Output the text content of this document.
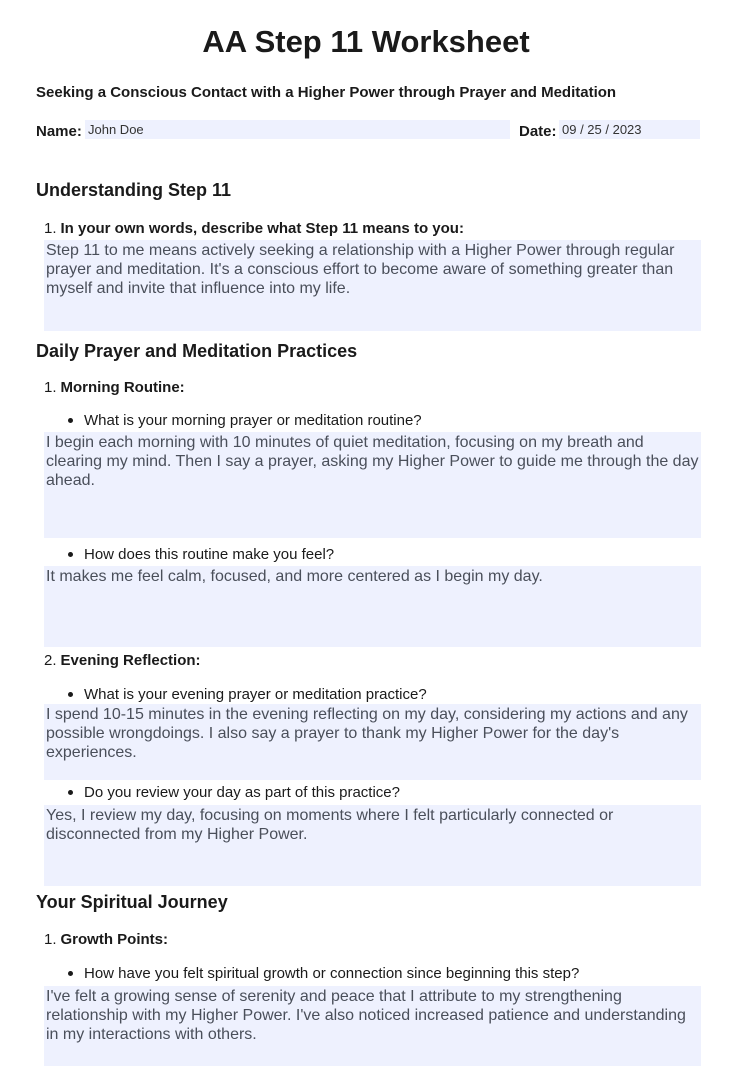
AA Step 11 Worksheet

Seeking a Conscious Contact with a Higher Power through Prayer and Meditation

Name: John Doe	Date: 09 / 25 / 2023
Understanding Step 11
1. In your own words, describe what Step 11 means to you:
Step 11 to me means actively seeking a relationship with a Higher Power through regular prayer and meditation. It's a conscious effort to become aware of something greater than myself and invite that influence into my life.
Daily Prayer and Meditation Practices
1. Morning Routine:
What is your morning prayer or meditation routine?
I begin each morning with 10 minutes of quiet meditation, focusing on my breath and clearing my mind. Then I say a prayer, asking my Higher Power to guide me through the day ahead.
How does this routine make you feel?
It makes me feel calm, focused, and more centered as I begin my day.
2. Evening Reflection:
What is your evening prayer or meditation practice?
I spend 10-15 minutes in the evening reflecting on my day, considering my actions and any possible wrongdoings. I also say a prayer to thank my Higher Power for the day's experiences.
Do you review your day as part of this practice?
Yes, I review my day, focusing on moments where I felt particularly connected or disconnected from my Higher Power.
Your Spiritual Journey
1. Growth Points:
How have you felt spiritual growth or connection since beginning this step?
I've felt a growing sense of serenity and peace that I attribute to my strengthening relationship with my Higher Power. I've also noticed increased patience and understanding in my interactions with others.
